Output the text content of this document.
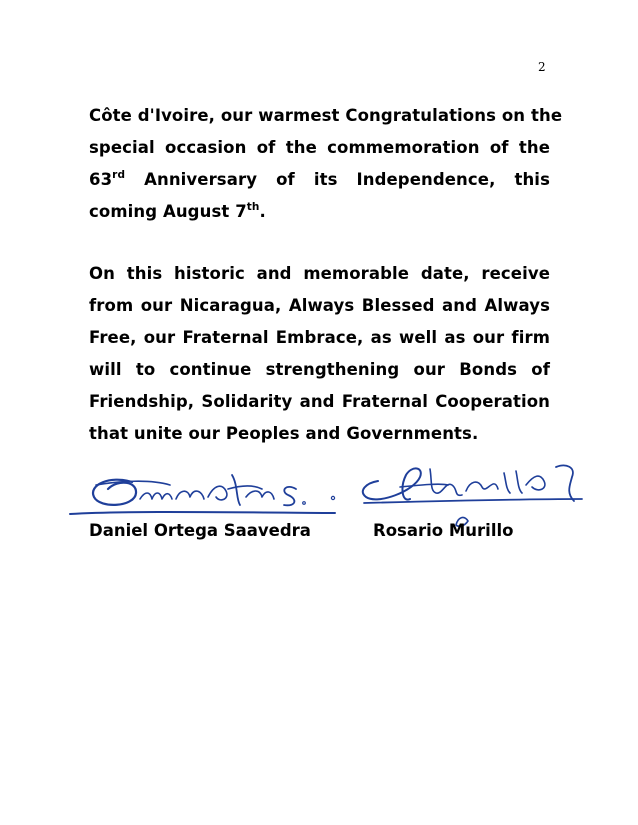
2
Côte d'Ivoire, our warmest Congratulations on the
special occasion of the commemoration of the
63rd Anniversary of its Independence, this
coming August 7th.
On this historic and memorable date, receive
from our Nicaragua, Always Blessed and Always
Free, our Fraternal Embrace, as well as our firm
will to continue strengthening our Bonds of
Friendship, Solidarity and Fraternal Cooperation
that unite our Peoples and Governments.
Daniel Ortega Saavedra	Rosario Murillo
